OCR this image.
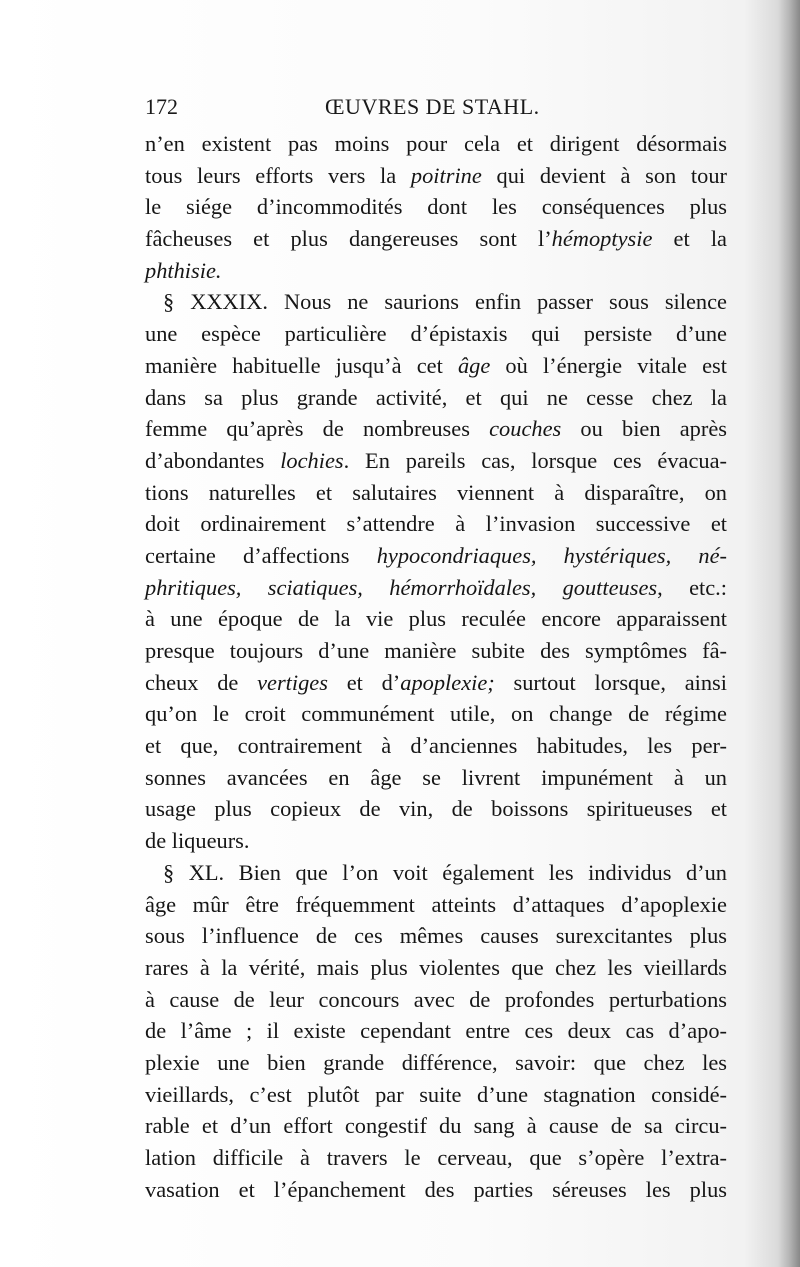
172	ŒUVRES DE STAHL.
n’en existent pas moins pour cela et dirigent désormais
tous leurs efforts vers la poitrine qui devient à son tour
le siége d’incommodités dont les conséquences plus
fâcheuses et plus dangereuses sont l’hémoptysie et la
phthisie.
§ XXXIX. Nous ne saurions enfin passer sous silence
une espèce particulière d’épistaxis qui persiste d’une
manière habituelle jusqu’à cet âge où l’énergie vitale est
dans sa plus grande activité, et qui ne cesse chez la
femme qu’après de nombreuses couches ou bien après
d’abondantes lochies. En pareils cas, lorsque ces évacua-
tions naturelles et salutaires viennent à disparaître, on
doit ordinairement s’attendre à l’invasion successive et
certaine d’affections hypocondriaques, hystériques, né-
phritiques, sciatiques, hémorrhoïdales, goutteuses, etc.:
à une époque de la vie plus reculée encore apparaissent
presque toujours d’une manière subite des symptômes fâ-
cheux de vertiges et d’apoplexie; surtout lorsque, ainsi
qu’on le croit communément utile, on change de régime
et que, contrairement à d’anciennes habitudes, les per-
sonnes avancées en âge se livrent impunément à un
usage plus copieux de vin, de boissons spiritueuses et
de liqueurs.
§ XL. Bien que l’on voit également les individus d’un
âge mûr être fréquemment atteints d’attaques d’apoplexie
sous l’influence de ces mêmes causes surexcitantes plus
rares à la vérité, mais plus violentes que chez les vieillards
à cause de leur concours avec de profondes perturbations
de l’âme ; il existe cependant entre ces deux cas d’apo-
plexie une bien grande différence, savoir: que chez les
vieillards, c’est plutôt par suite d’une stagnation considé-
rable et d’un effort congestif du sang à cause de sa circu-
lation difficile à travers le cerveau, que s’opère l’extra-
vasation et l’épanchement des parties séreuses les plus
